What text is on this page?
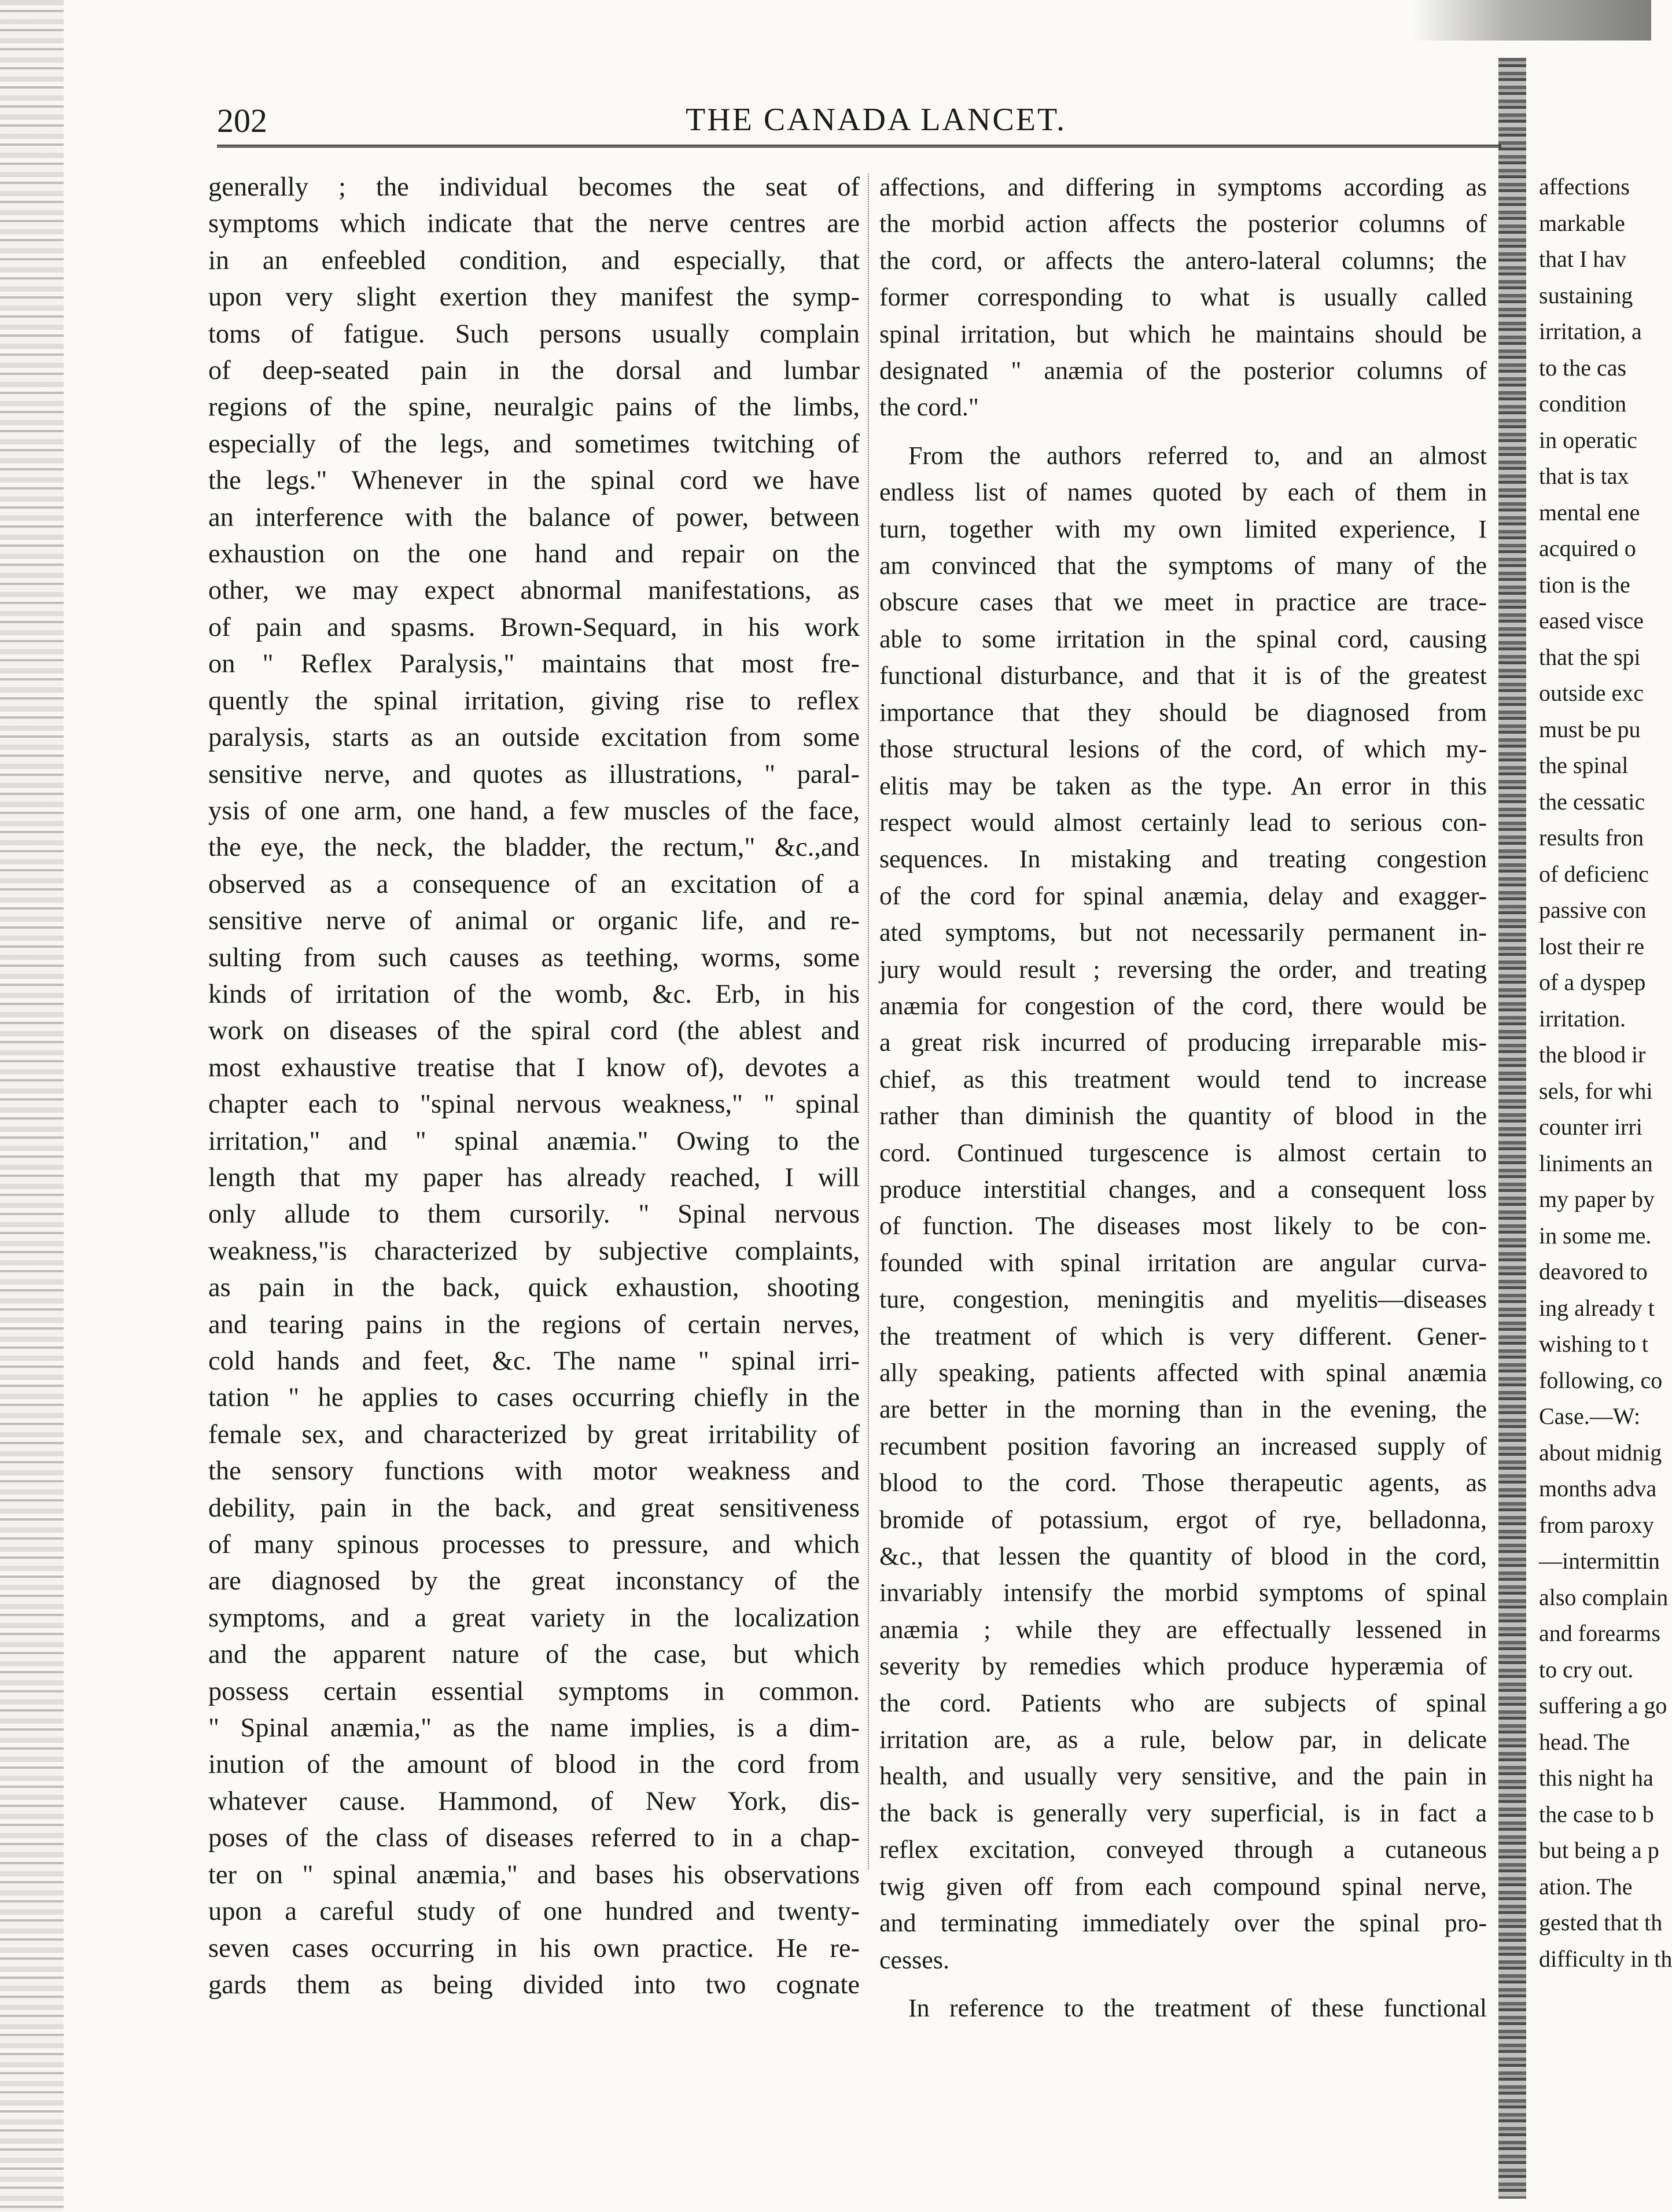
202	THE CANADA LANCET.

generally ; the individual becomes the seat of

symptoms which indicate that the nerve centres are

in an enfeebled condition, and especially, that

upon very slight exertion they manifest the symp-

toms of fatigue. Such persons usually complain

of deep-seated pain in the dorsal and lumbar

regions of the spine, neuralgic pains of the limbs,

especially of the legs, and sometimes twitching of

the legs." Whenever in the spinal cord we have

an interference with the balance of power, between

exhaustion on the one hand and repair on the

other, we may expect abnormal manifestations, as

of pain and spasms. Brown-Sequard, in his work

on " Reflex Paralysis," maintains that most fre-

quently the spinal irritation, giving rise to reflex

paralysis, starts as an outside excitation from some

sensitive nerve, and quotes as illustrations, " paral-

ysis of one arm, one hand, a few muscles of the face,

the eye, the neck, the bladder, the rectum," &c.,and

observed as a consequence of an excitation of a

sensitive nerve of animal or organic life, and re-

sulting from such causes as teething, worms, some

kinds of irritation of the womb, &c. Erb, in his

work on diseases of the spiral cord (the ablest and

most exhaustive treatise that I know of), devotes a

chapter each to "spinal nervous weakness," " spinal

irritation," and " spinal anæmia." Owing to the

length that my paper has already reached, I will

only allude to them cursorily. " Spinal nervous

weakness,"is characterized by subjective complaints,

as pain in the back, quick exhaustion, shooting

and tearing pains in the regions of certain nerves,

cold hands and feet, &c. The name " spinal irri-

tation " he applies to cases occurring chiefly in the

female sex, and characterized by great irritability of

the sensory functions with motor weakness and

debility, pain in the back, and great sensitiveness

of many spinous processes to pressure, and which

are diagnosed by the great inconstancy of the

symptoms, and a great variety in the localization

and the apparent nature of the case, but which

possess certain essential symptoms in common.

" Spinal anæmia," as the name implies, is a dim-

inution of the amount of blood in the cord from

whatever cause. Hammond, of New York, dis-

poses of the class of diseases referred to in a chap-

ter on " spinal anæmia," and bases his observations

upon a careful study of one hundred and twenty-

seven cases occurring in his own practice. He re-

gards them as being divided into two cognate

affections, and differing in symptoms according as

the morbid action affects the posterior columns of

the cord, or affects the antero-lateral columns; the

former corresponding to what is usually called

spinal irritation, but which he maintains should be

designated " anæmia of the posterior columns of

the cord."

From the authors referred to, and an almost

endless list of names quoted by each of them in

turn, together with my own limited experience, I

am convinced that the symptoms of many of the

obscure cases that we meet in practice are trace-

able to some irritation in the spinal cord, causing

functional disturbance, and that it is of the greatest

importance that they should be diagnosed from

those structural lesions of the cord, of which my-

elitis may be taken as the type. An error in this

respect would almost certainly lead to serious con-

sequences. In mistaking and treating congestion

of the cord for spinal anæmia, delay and exagger-

ated symptoms, but not necessarily permanent in-

jury would result ; reversing the order, and treating

anæmia for congestion of the cord, there would be

a great risk incurred of producing irreparable mis-

chief, as this treatment would tend to increase

rather than diminish the quantity of blood in the

cord. Continued turgescence is almost certain to

produce interstitial changes, and a consequent loss

of function. The diseases most likely to be con-

founded with spinal irritation are angular curva-

ture, congestion, meningitis and myelitis—diseases

the treatment of which is very different. Gener-

ally speaking, patients affected with spinal anæmia

are better in the morning than in the evening, the

recumbent position favoring an increased supply of

blood to the cord. Those therapeutic agents, as

bromide of potassium, ergot of rye, belladonna,

&c., that lessen the quantity of blood in the cord,

invariably intensify the morbid symptoms of spinal

anæmia ; while they are effectually lessened in

severity by remedies which produce hyperæmia of

the cord. Patients who are subjects of spinal

irritation are, as a rule, below par, in delicate

health, and usually very sensitive, and the pain in

the back is generally very superficial, is in fact a

reflex excitation, conveyed through a cutaneous

twig given off from each compound spinal nerve,

and terminating immediately over the spinal pro-

cesses.

In reference to the treatment of these functional

affections

markable

that I hav

sustaining

irritation, a

to the cas

condition

in operatic

that is tax

mental ene

acquired o

tion is the

eased visce

that the spi

outside exc

must be pu

the spinal

the cessatic

results fron

of deficienc

passive con

lost their re

of a dyspep

irritation.

the blood ir

sels, for whi

counter irri

liniments an

my paper by

in some me.

deavored to

ing already t

wishing to t

following, co

Case.—W:

about midnig

months adva

from paroxy

—intermittin

also complain

and forearms

to cry out.

suffering a go

head. The

this night ha

the case to b

but being a p

ation. The

gested that th

difficulty in th
